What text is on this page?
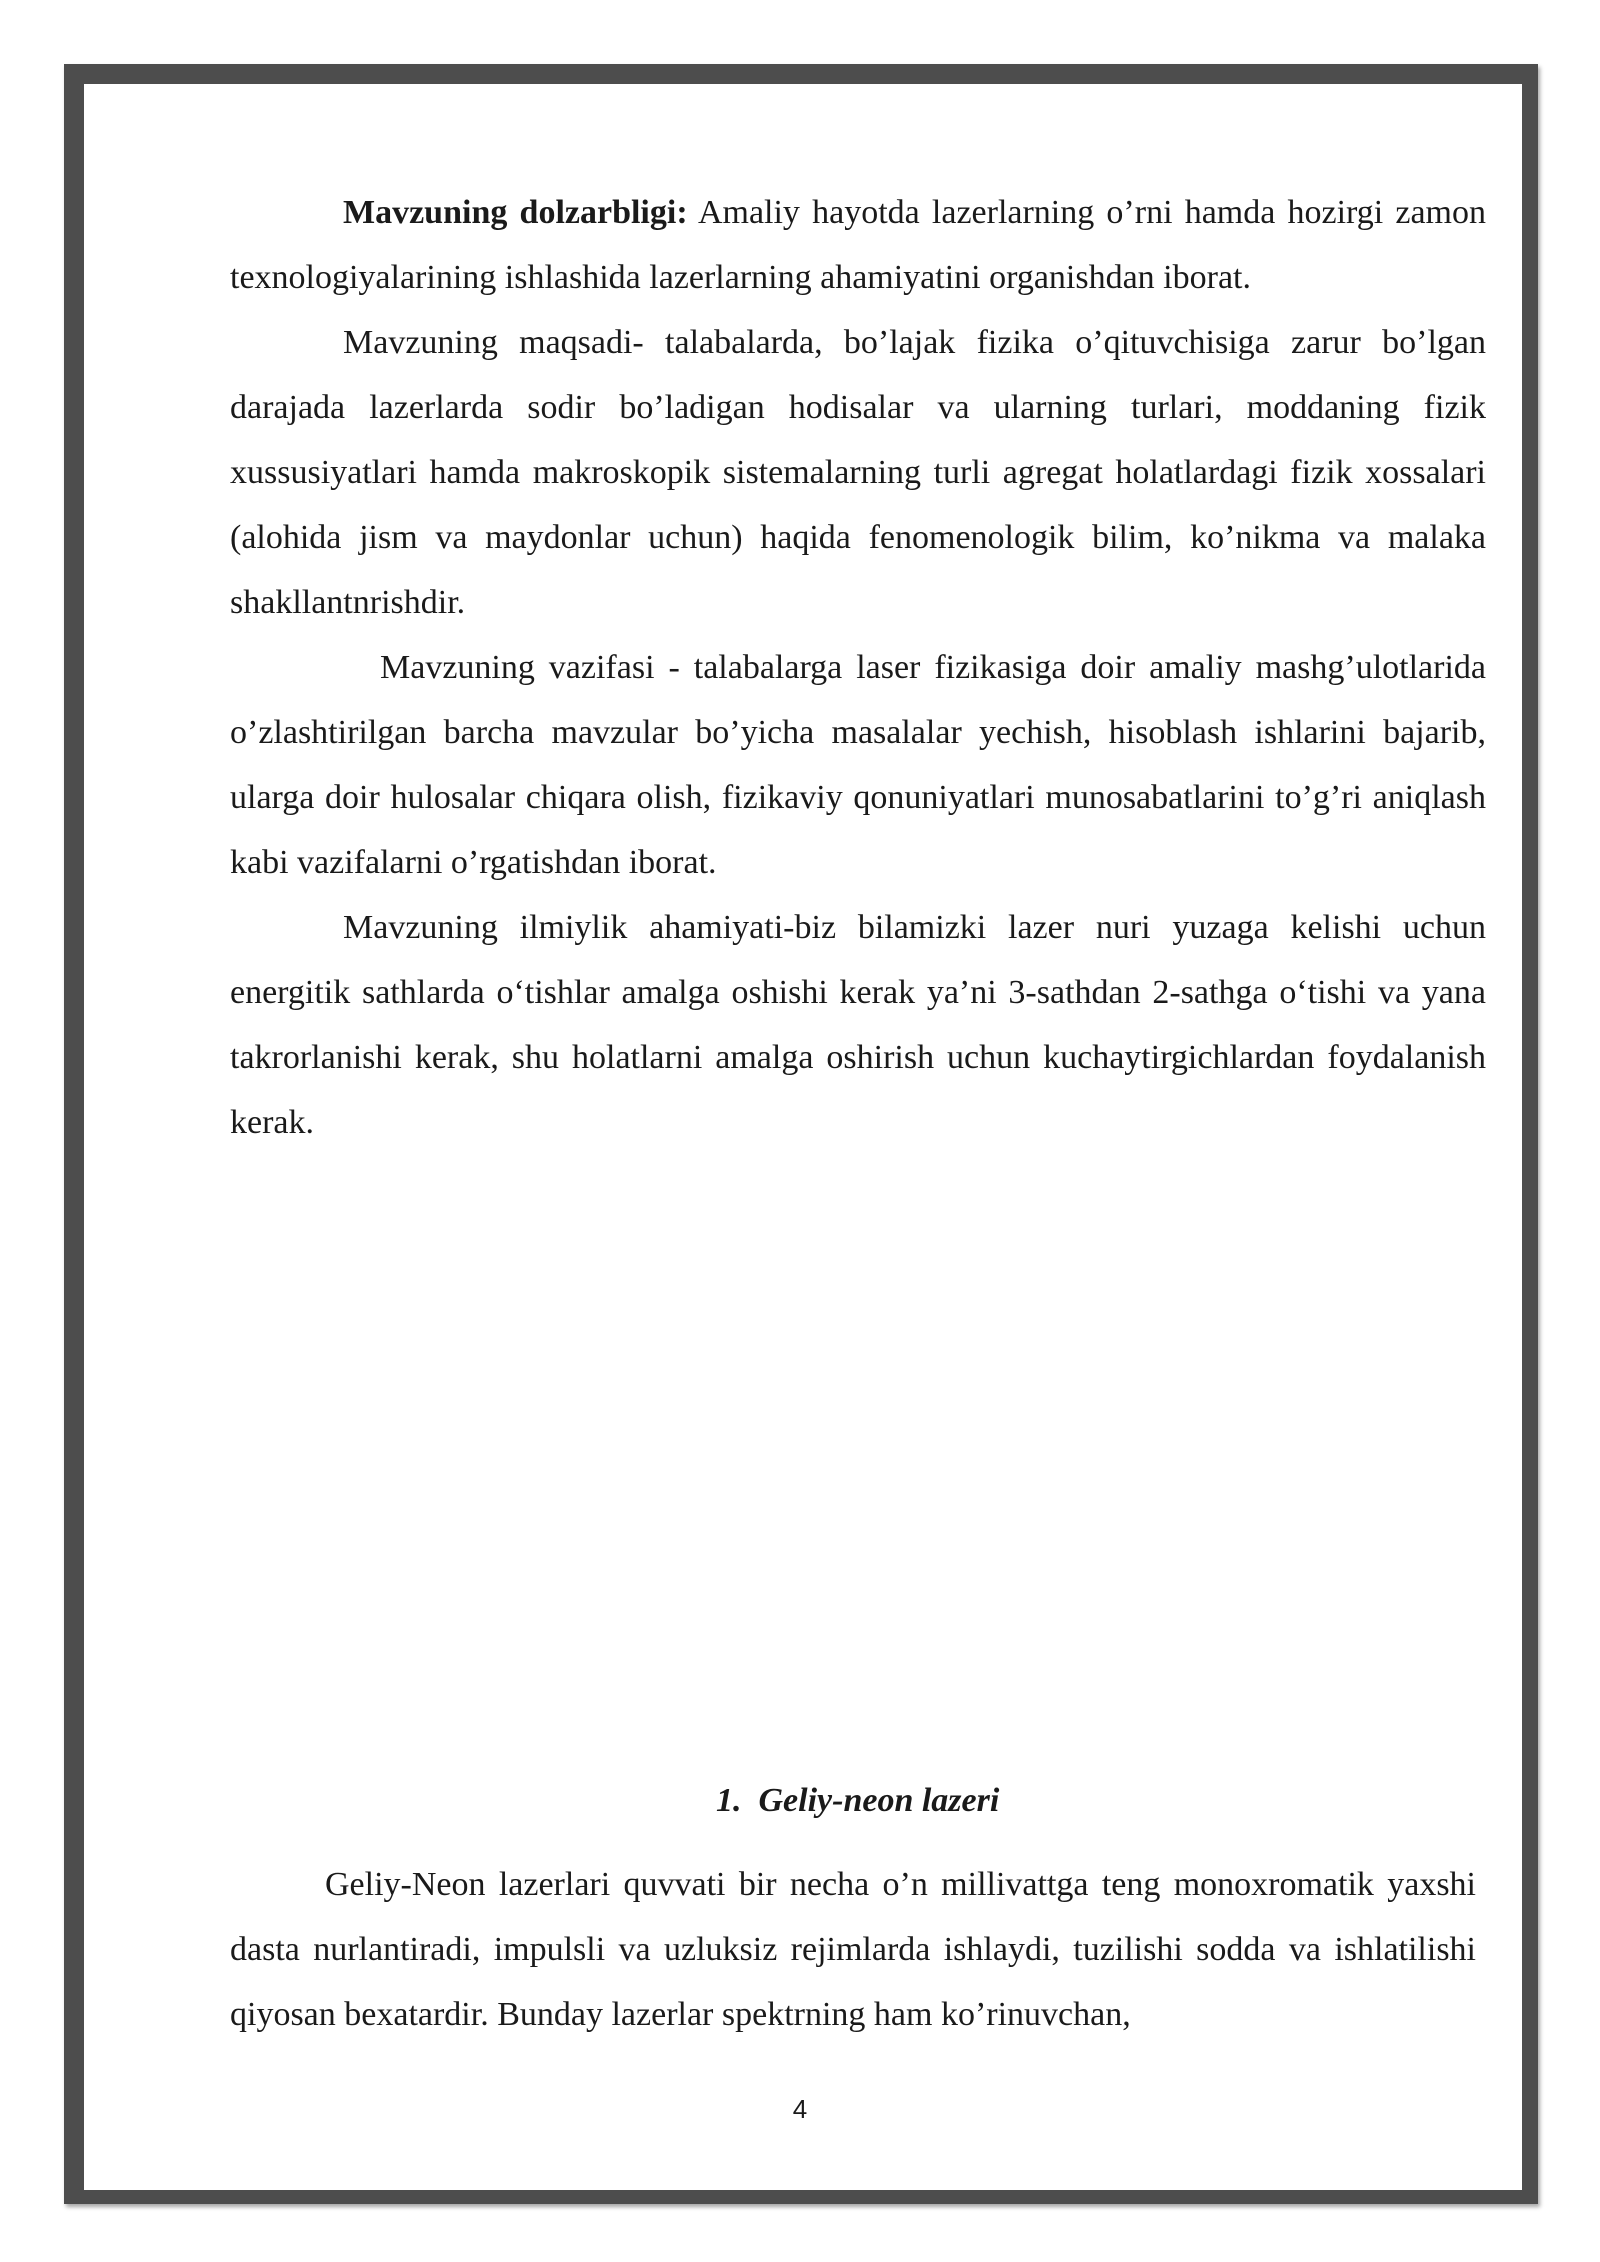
Mavzuning dolzarbligi: Amaliy hayotda lazerlarning o’rni hamda hozirgi zamon texnologiyalarining ishlashida lazerlarning ahamiyatini organishdan iborat.

Mavzuning maqsadi- talabalarda, bo’lajak fizika o’qituvchisiga zarur bo’lgan darajada lazerlarda sodir bo’ladigan hodisalar va ularning turlari, moddaning fizik xussusiyatlari hamda makroskopik sistemalarning turli agregat holatlardagi fizik xossalari (alohida jism va maydonlar uchun) haqida fenomenologik bilim, ko’nikma va malaka shakllantnrishdir.

Mavzuning vazifasi - talabalarga laser fizikasiga doir amaliy mashg’ulotlarida o’zlashtirilgan barcha mavzular bo’yicha masalalar yechish, hisoblash ishlarini bajarib, ularga doir hulosalar chiqara olish, fizikaviy qonuniyatlari munosabatlarini to’g’ri aniqlash kabi vazifalarni o’rgatishdan iborat.

Mavzuning ilmiylik ahamiyati-biz bilamizki lazer nuri yuzaga kelishi uchun energitik sathlarda o‘tishlar amalga oshishi kerak ya’ni 3-sathdan 2-sathga o‘tishi va yana takrorlanishi kerak, shu holatlarni amalga oshirish uchun kuchaytirgichlardan foydalanish kerak.

1. Geliy-neon lazeri

Geliy-Neon lazerlari quvvati bir necha o’n millivattga teng monoxromatik yaxshi dasta nurlantiradi, impulsli va uzluksiz rejimlarda ishlaydi, tuzilishi sodda va ishlatilishi qiyosan bexatardir. Bunday lazerlar spektrning ham ko’rinuvchan,

4
